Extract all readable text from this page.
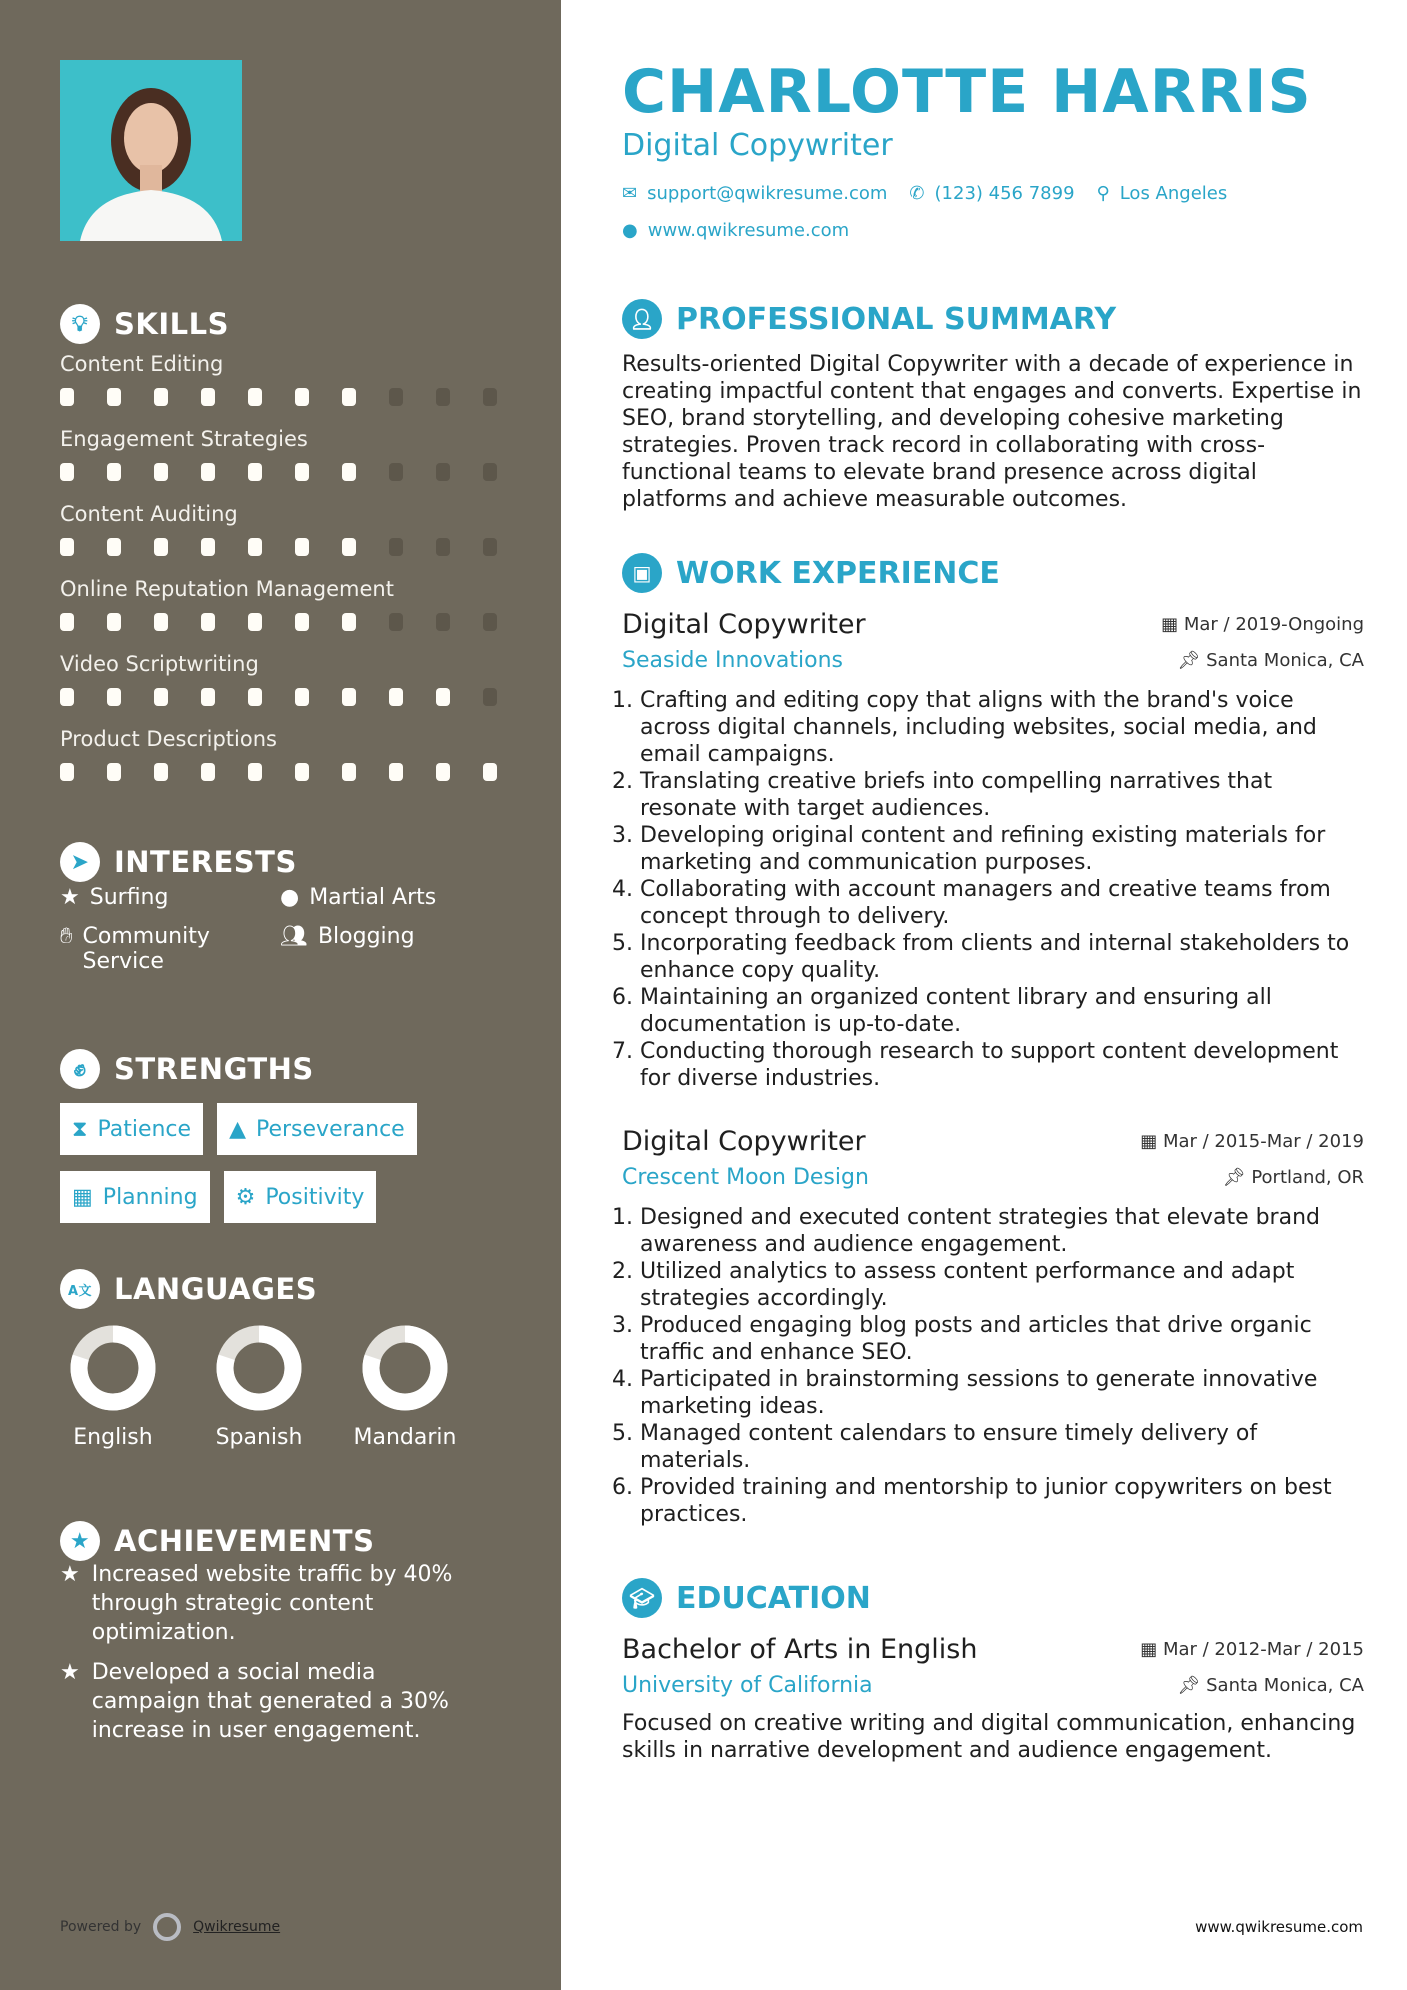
💡︎ SKILLS
Content Editing
Engagement Strategies
Content Auditing
Online Reputation Management
Video Scriptwriting
Product Descriptions
➤ INTERESTS
★ Surfing	● Martial Arts
✋︎ Community Service
👥︎ Blogging
✊︎ STRENGTHS
⧗ Patience ▲ Perseverance
▦ Planning ⚙ Positivity
A文 LANGUAGES
English	Spanish	Mandarin
★ ACHIEVEMENTS
★ Increased website traffic by 40% through strategic content optimization.
★ Developed a social media campaign that generated a 30% increase in user engagement.
Powered by	Qwikresume
CHARLOTTE HARRIS
Digital Copywriter
✉ support@qwikresume.com ✆ (123) 456 7899 ⚲ Los Angeles
● www.qwikresume.com
👤︎ PROFESSIONAL SUMMARY
Results-oriented Digital Copywriter with a decade of experience in creating impactful content that engages and converts. Expertise in SEO, brand storytelling, and developing cohesive marketing strategies. Proven track record in collaborating with cross-functional teams to elevate brand presence across digital platforms and achieve measurable outcomes.
▣ WORK EXPERIENCE
Digital Copywriter	▦ Mar / 2019-Ongoing
Seaside Innovations	📌︎ Santa Monica, CA
1. Crafting and editing copy that aligns with the brand's voice across digital channels, including websites, social media, and email campaigns.
2. Translating creative briefs into compelling narratives that resonate with target audiences.
3. Developing original content and refining existing materials for marketing and communication purposes.
4. Collaborating with account managers and creative teams from concept through to delivery.
5. Incorporating feedback from clients and internal stakeholders to enhance copy quality.
6. Maintaining an organized content library and ensuring all documentation is up-to-date.
7. Conducting thorough research to support content development for diverse industries.
Digital Copywriter	▦ Mar / 2015-Mar / 2019
Crescent Moon Design	📌︎ Portland, OR
1. Designed and executed content strategies that elevate brand awareness and audience engagement.
2. Utilized analytics to assess content performance and adapt strategies accordingly.
3. Produced engaging blog posts and articles that drive organic traffic and enhance SEO.
4. Participated in brainstorming sessions to generate innovative marketing ideas.
5. Managed content calendars to ensure timely delivery of materials.
6. Provided training and mentorship to junior copywriters on best practices.
🎓︎ EDUCATION
Bachelor of Arts in English	▦ Mar / 2012-Mar / 2015
University of California	📌︎ Santa Monica, CA
Focused on creative writing and digital communication, enhancing skills in narrative development and audience engagement.
www.qwikresume.com
